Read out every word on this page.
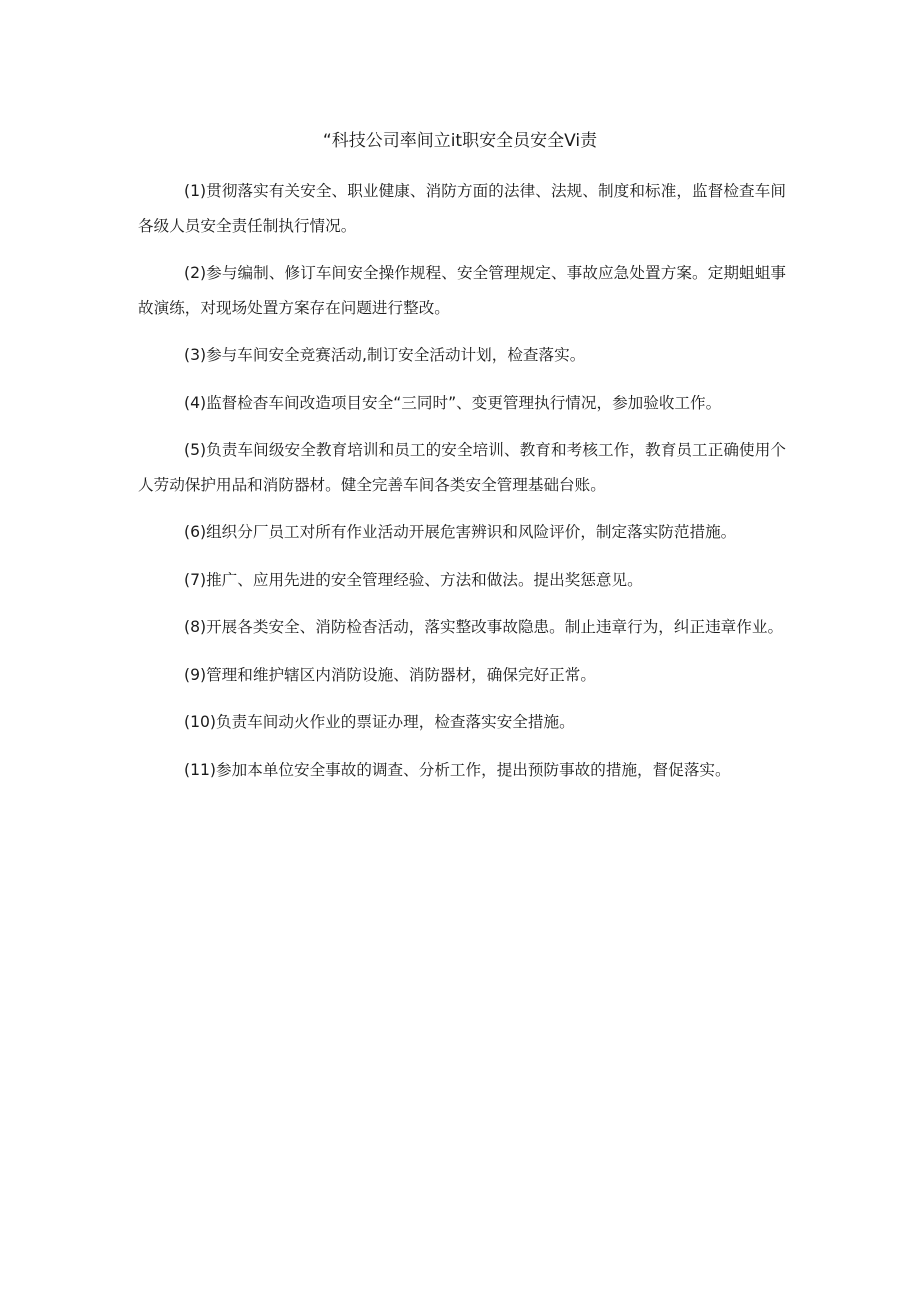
“科技公司率间立it职安全员安全Vi责

(1)贯彻落实有关安全、职业健康、消防方面的法律、法规、制度和标准，监督检查车间各级人员安全责任制执行情况。

(2)参与编制、修订车间安全操作规程、安全管理规定、事故应急处置方案。定期蛆蛆事故演练，对现场处置方案存在问题进行整改。

(3)参与车间安全竞赛活动,制订安全活动计划，检查落实。

(4)监督检杳车间改造项目安全“三同时”、变更管理执行情况，参加验收工作。

(5)负责车间级安全教育培训和员工的安全培训、教育和考核工作，教育员工正确使用个人劳动保护用品和消防器材。健全完善车间各类安全管理基础台账。

(6)组织分厂员工对所有作业活动开展危害辨识和风险评价，制定落实防范措施。

(7)推广、应用先进的安全管理经验、方法和做法。提出奖惩意见。

(8)开展各类安全、消防检杳活动，落实整改事故隐患。制止违章行为，纠正违章作业。

(9)管理和维护辖区内消防设施、消防器材，确保完好正常。

(10)负责车间动火作业的票证办理，检查落实安全措施。

(11)参加本单位安全事故的调查、分析工作，提出预防事故的措施，督促落实。
